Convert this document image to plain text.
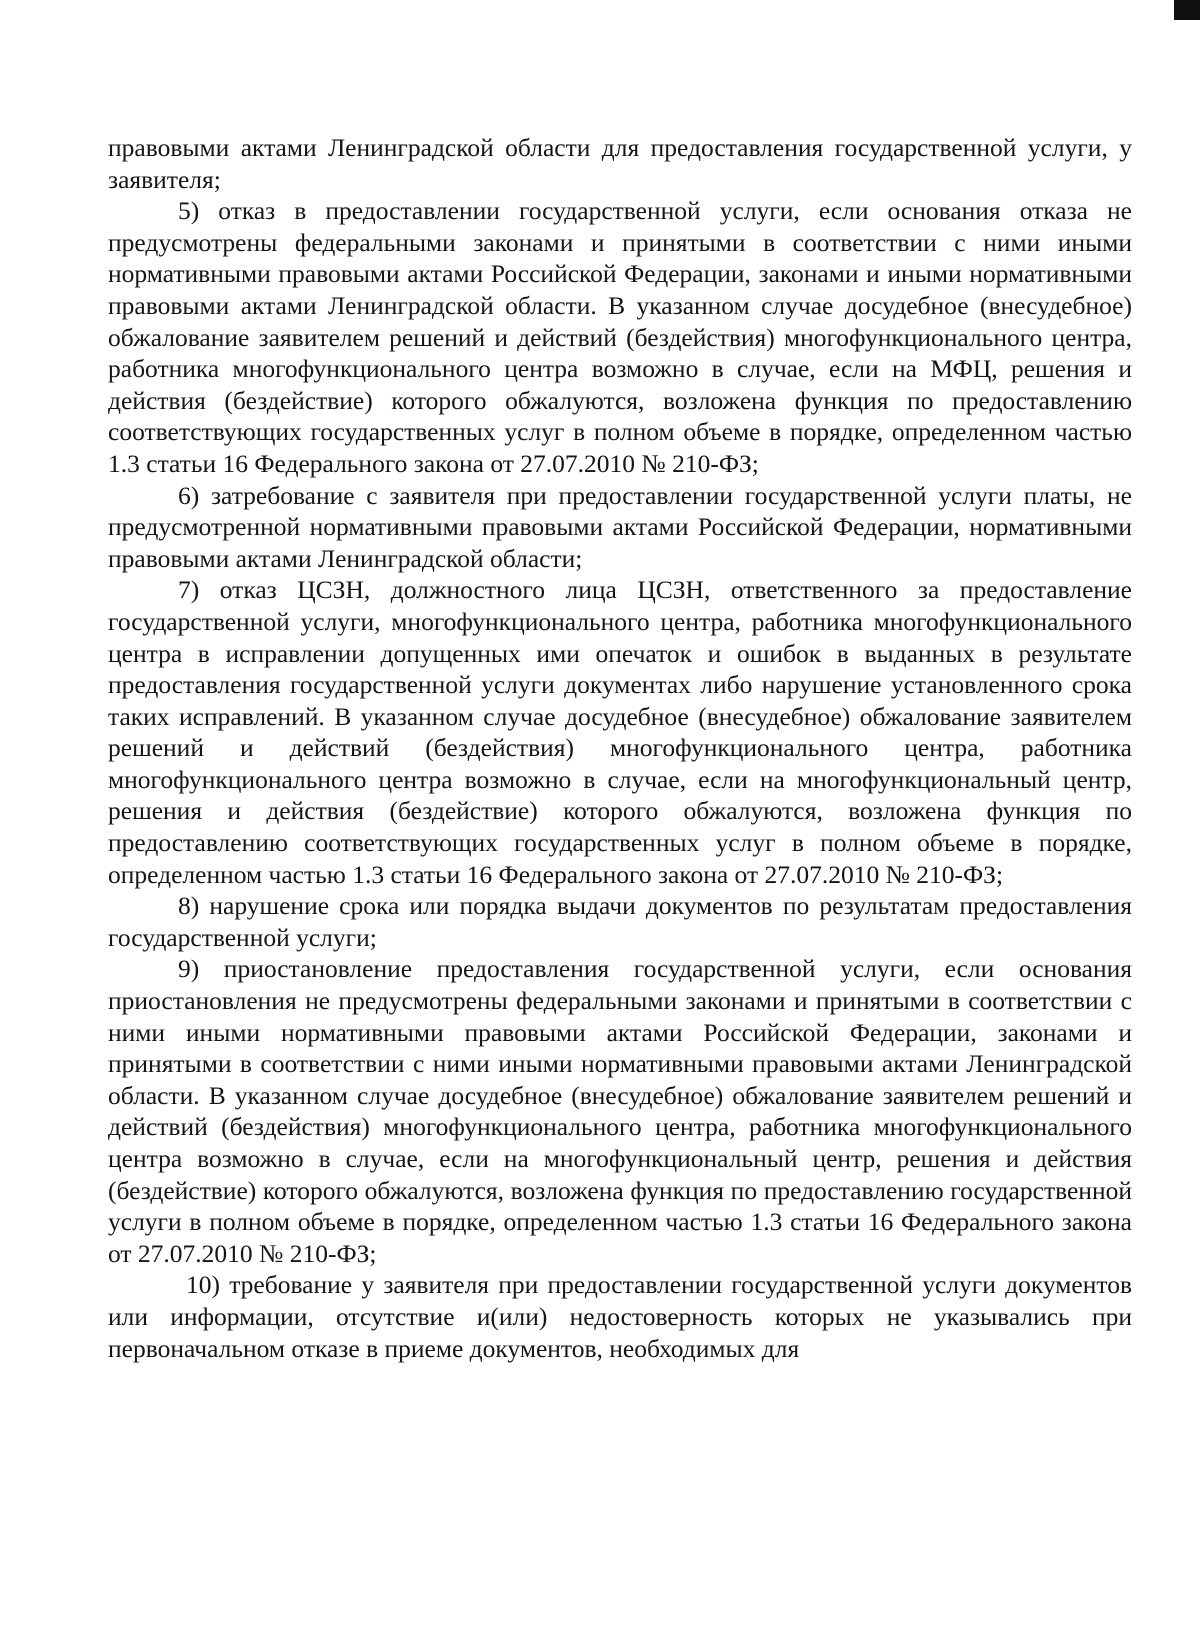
правовыми актами Ленинградской области для предоставления государственной услуги, у заявителя;

5) отказ в предоставлении государственной услуги, если основания отказа не предусмотрены федеральными законами и принятыми в соответствии с ними иными нормативными правовыми актами Российской Федерации, законами и иными нормативными правовыми актами Ленинградской области. В указанном случае досудебное (внесудебное) обжалование заявителем решений и действий (бездействия) многофункционального центра, работника многофункционального центра возможно в случае, если на МФЦ, решения и действия (бездействие) которого обжалуются, возложена функция по предоставлению соответствующих государственных услуг в полном объеме в порядке, определенном частью 1.3 статьи 16 Федерального закона от 27.07.2010 № 210-ФЗ;

6) затребование с заявителя при предоставлении государственной услуги платы, не предусмотренной нормативными правовыми актами Российской Федерации, нормативными правовыми актами Ленинградской области;

7) отказ ЦСЗН, должностного лица ЦСЗН, ответственного за предоставление государственной услуги, многофункционального центра, работника многофункционального центра в исправлении допущенных ими опечаток и ошибок в выданных в результате предоставления государственной услуги документах либо нарушение установленного срока таких исправлений. В указанном случае досудебное (внесудебное) обжалование заявителем решений и действий (бездействия) многофункционального центра, работника многофункционального центра возможно в случае, если на многофункциональный центр, решения и действия (бездействие) которого обжалуются, возложена функция по предоставлению соответствующих государственных услуг в полном объеме в порядке, определенном частью 1.3 статьи 16 Федерального закона от 27.07.2010 № 210-ФЗ;

8) нарушение срока или порядка выдачи документов по результатам предоставления государственной услуги;

9) приостановление предоставления государственной услуги, если основания приостановления не предусмотрены федеральными законами и принятыми в соответствии с ними иными нормативными правовыми актами Российской Федерации, законами и принятыми в соответствии с ними иными нормативными правовыми актами Ленинградской области. В указанном случае досудебное (внесудебное) обжалование заявителем решений и действий (бездействия) многофункционального центра, работника многофункционального центра возможно в случае, если на многофункциональный центр, решения и действия (бездействие) которого обжалуются, возложена функция по предоставлению государственной услуги в полном объеме в порядке, определенном частью 1.3 статьи 16 Федерального закона от 27.07.2010 № 210-ФЗ;

10) требование у заявителя при предоставлении государственной услуги документов или информации, отсутствие и(или) недостоверность которых не указывались при первоначальном отказе в приеме документов, необходимых для
